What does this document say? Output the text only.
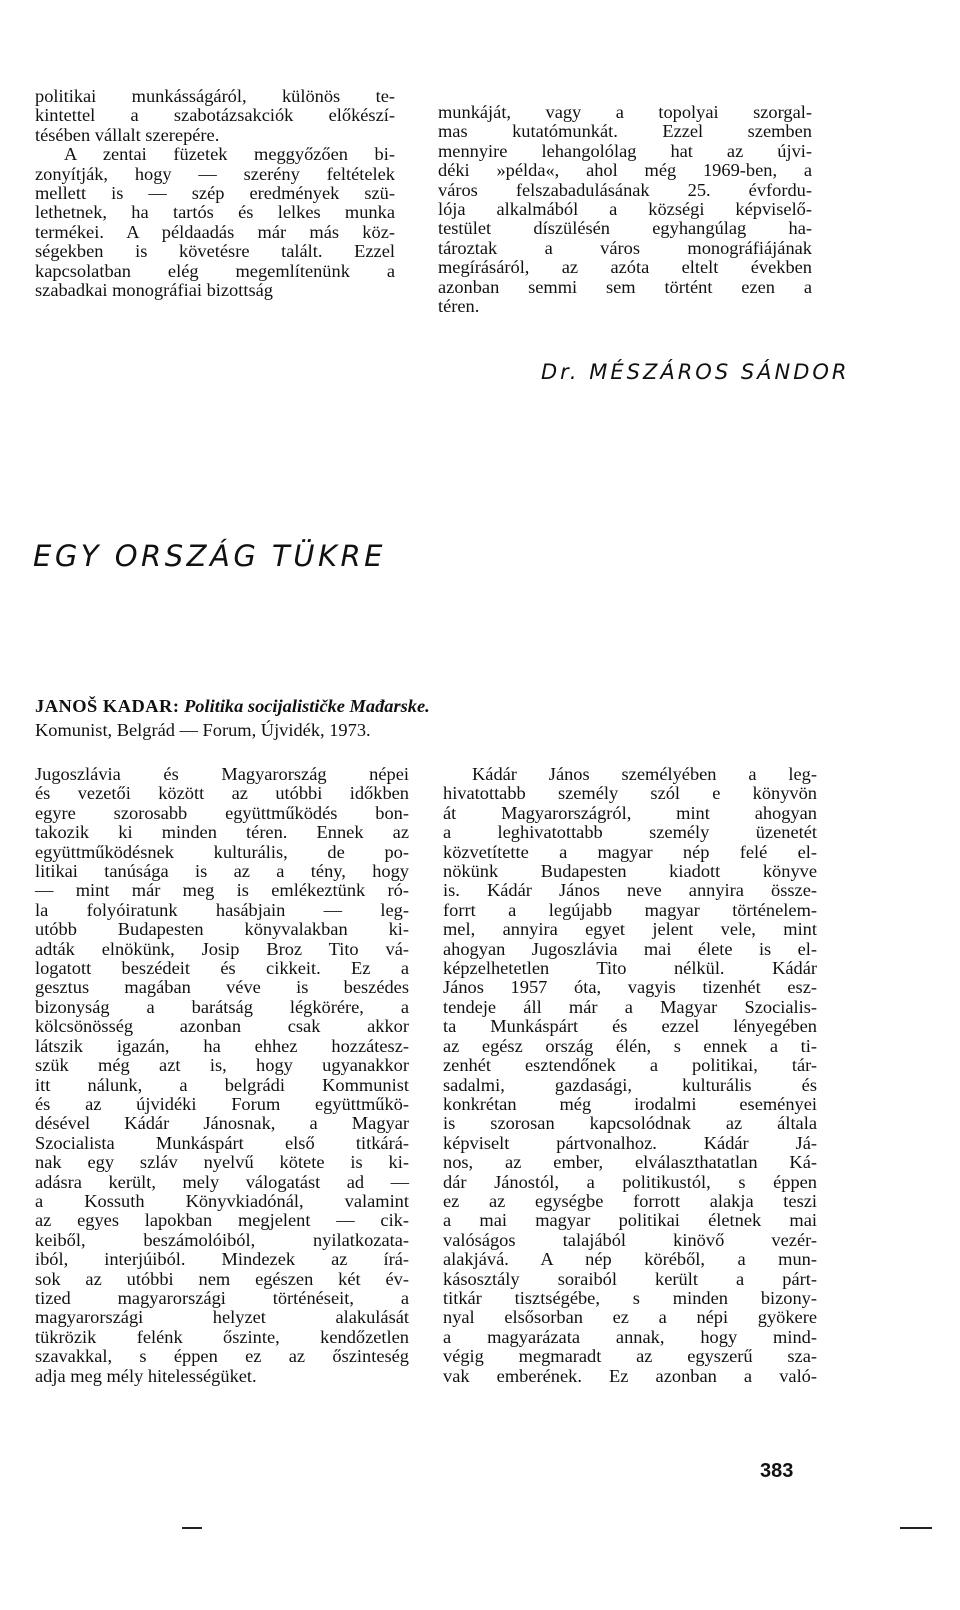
politikai munkásságáról, különös te-
kintettel a szabotázsakciók előkészí-
tésében vállalt szerepére.
A zentai füzetek meggyőzően bi-
zonyítják, hogy — szerény feltételek
mellett is — szép eredmények szü-
lethetnek, ha tartós és lelkes munka
termékei. A példaadás már más köz-
ségekben is követésre talált. Ezzel
kapcsolatban elég megemlítenünk a
szabadkai monográfiai bizottság
munkáját, vagy a topolyai szorgal-
mas kutatómunkát. Ezzel szemben
mennyire lehangolólag hat az újvi-
déki »példa«, ahol még 1969-ben, a
város felszabadulásának 25. évfordu-
lója alkalmából a községi képviselő-
testület díszülésén egyhangúlag ha-
tároztak a város monográfiájának
megírásáról, az azóta eltelt években
azonban semmi sem történt ezen a
téren.
Dr. MÉSZÁROS SÁNDOR
EGY ORSZÁG TÜKRE
JANOŠ KADAR: Politika socijalističke Mađarske.
Komunist, Belgrád — Forum, Újvidék, 1973.
Jugoszlávia és Magyarország népei
és vezetői között az utóbbi időkben
egyre szorosabb együttműködés bon-
takozik ki minden téren. Ennek az
együttműködésnek kulturális, de po-
litikai tanúsága is az a tény, hogy
— mint már meg is emlékeztünk ró-
la folyóiratunk hasábjain — leg-
utóbb Budapesten könyvalakban ki-
adták elnökünk, Josip Broz Tito vá-
logatott beszédeit és cikkeit. Ez a
gesztus magában véve is beszédes
bizonyság a barátság légkörére, a
kölcsönösség azonban csak akkor
látszik igazán, ha ehhez hozzátesz-
szük még azt is, hogy ugyanakkor
itt nálunk, a belgrádi Kommunist
és az újvidéki Forum együttműkö-
désével Kádár Jánosnak, a Magyar
Szocialista Munkáspárt első titkárá-
nak egy szláv nyelvű kötete is ki-
adásra került, mely válogatást ad —
a Kossuth Könyvkiadónál, valamint
az egyes lapokban megjelent — cik-
keiből, beszámolóiból, nyilatkozata-
iból, interjúiból. Mindezek az írá-
sok az utóbbi nem egészen két év-
tized magyarországi történéseit, a
magyarországi helyzet alakulását
tükrözik felénk őszinte, kendőzetlen
szavakkal, s éppen ez az őszinteség
adja meg mély hitelességüket.
Kádár János személyében a leg-
hivatottabb személy szól e könyvön
át Magyarországról, mint ahogyan
a leghivatottabb személy üzenetét
közvetítette a magyar nép felé el-
nökünk Budapesten kiadott könyve
is. Kádár János neve annyira össze-
forrt a legújabb magyar történelem-
mel, annyira egyet jelent vele, mint
ahogyan Jugoszlávia mai élete is el-
képzelhetetlen Tito nélkül. Kádár
János 1957 óta, vagyis tizenhét esz-
tendeje áll már a Magyar Szocialis-
ta Munkáspárt és ezzel lényegében
az egész ország élén, s ennek a ti-
zenhét esztendőnek a politikai, tár-
sadalmi, gazdasági, kulturális és
konkrétan még irodalmi eseményei
is szorosan kapcsolódnak az általa
képviselt pártvonalhoz. Kádár Já-
nos, az ember, elválaszthatatlan Ká-
dár Jánostól, a politikustól, s éppen
ez az egységbe forrott alakja teszi
a mai magyar politikai életnek mai
valóságos talajából kinövő vezér-
alakjává. A nép köréből, a mun-
kásosztály soraiból került a párt-
titkár tisztségébe, s minden bizony-
nyal elsősorban ez a népi gyökere
a magyarázata annak, hogy mind-
végig megmaradt az egyszerű sza-
vak emberének. Ez azonban a való-
383
